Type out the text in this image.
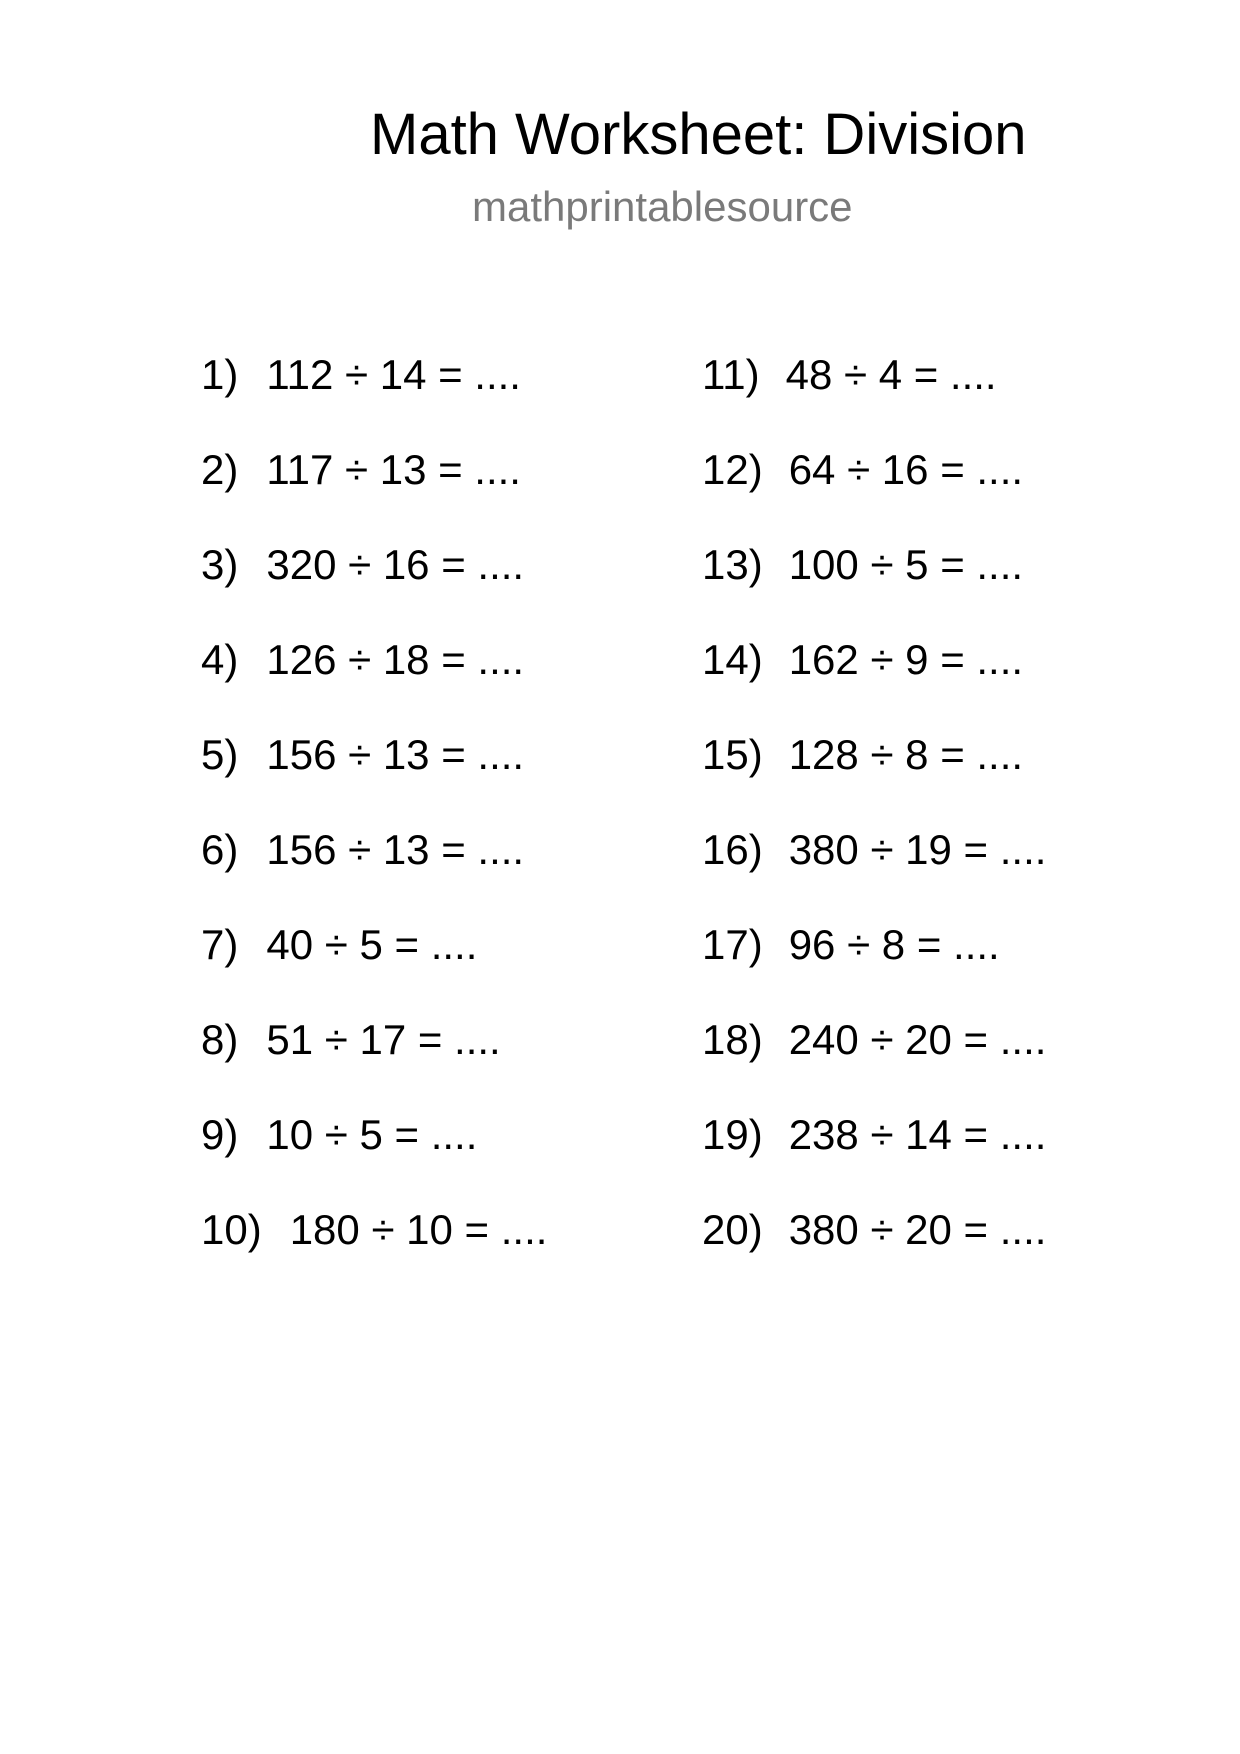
Math Worksheet: Division
mathprintablesource
1) 112 ÷ 14 = ....
2) 117 ÷ 13 = ....
3) 320 ÷ 16 = ....
4) 126 ÷ 18 = ....
5) 156 ÷ 13 = ....
6) 156 ÷ 13 = ....
7) 40 ÷ 5 = ....
8) 51 ÷ 17 = ....
9) 10 ÷ 5 = ....
10) 180 ÷ 10 = ....
11) 48 ÷ 4 = ....
12) 64 ÷ 16 = ....
13) 100 ÷ 5 = ....
14) 162 ÷ 9 = ....
15) 128 ÷ 8 = ....
16) 380 ÷ 19 = ....
17) 96 ÷ 8 = ....
18) 240 ÷ 20 = ....
19) 238 ÷ 14 = ....
20) 380 ÷ 20 = ....
